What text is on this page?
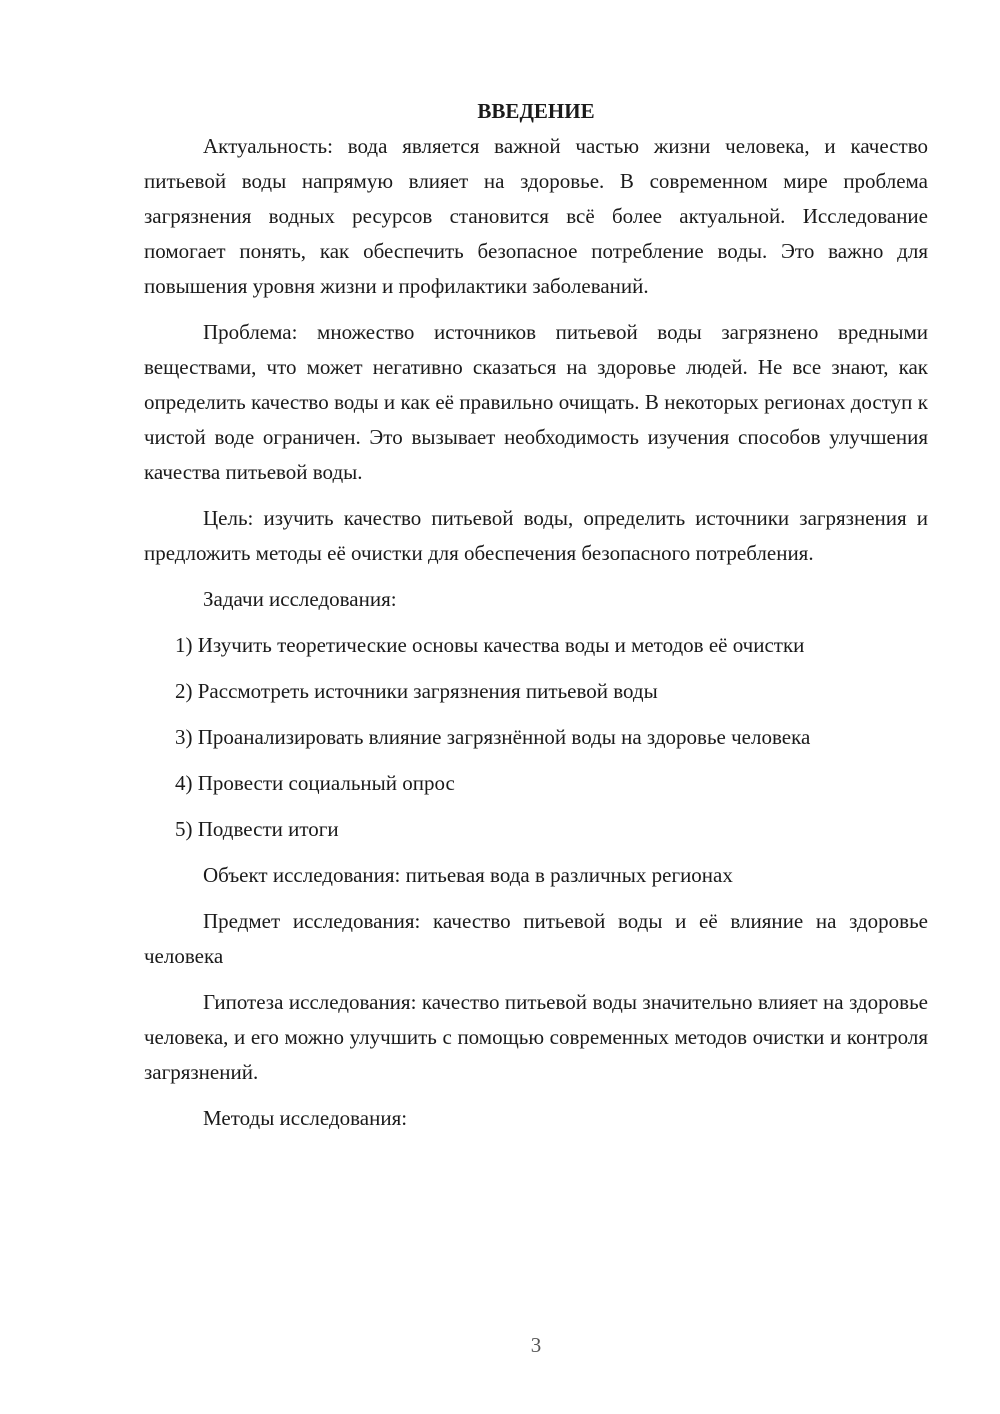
ВВЕДЕНИЕ

Актуальность: вода является важной частью жизни человека, и качество питьевой воды напрямую влияет на здоровье. В современном мире проблема загрязнения водных ресурсов становится всё более актуальной. Исследование помогает понять, как обеспечить безопасное потребление воды. Это важно для повышения уровня жизни и профилактики заболеваний.

Проблема: множество источников питьевой воды загрязнено вредными веществами, что может негативно сказаться на здоровье людей. Не все знают, как определить качество воды и как её правильно очищать. В некоторых регионах доступ к чистой воде ограничен. Это вызывает необходимость изучения способов улучшения качества питьевой воды.

Цель: изучить качество питьевой воды, определить источники загрязнения и предложить методы её очистки для обеспечения безопасного потребления.

Задачи исследования:

1) Изучить теоретические основы качества воды и методов её очистки

2) Рассмотреть источники загрязнения питьевой воды

3) Проанализировать влияние загрязнённой воды на здоровье человека

4) Провести социальный опрос

5) Подвести итоги

Объект исследования: питьевая вода в различных регионах

Предмет исследования: качество питьевой воды и её влияние на здоровье человека

Гипотеза исследования: качество питьевой воды значительно влияет на здоровье человека, и его можно улучшить с помощью современных методов очистки и контроля загрязнений.

Методы исследования:

3
